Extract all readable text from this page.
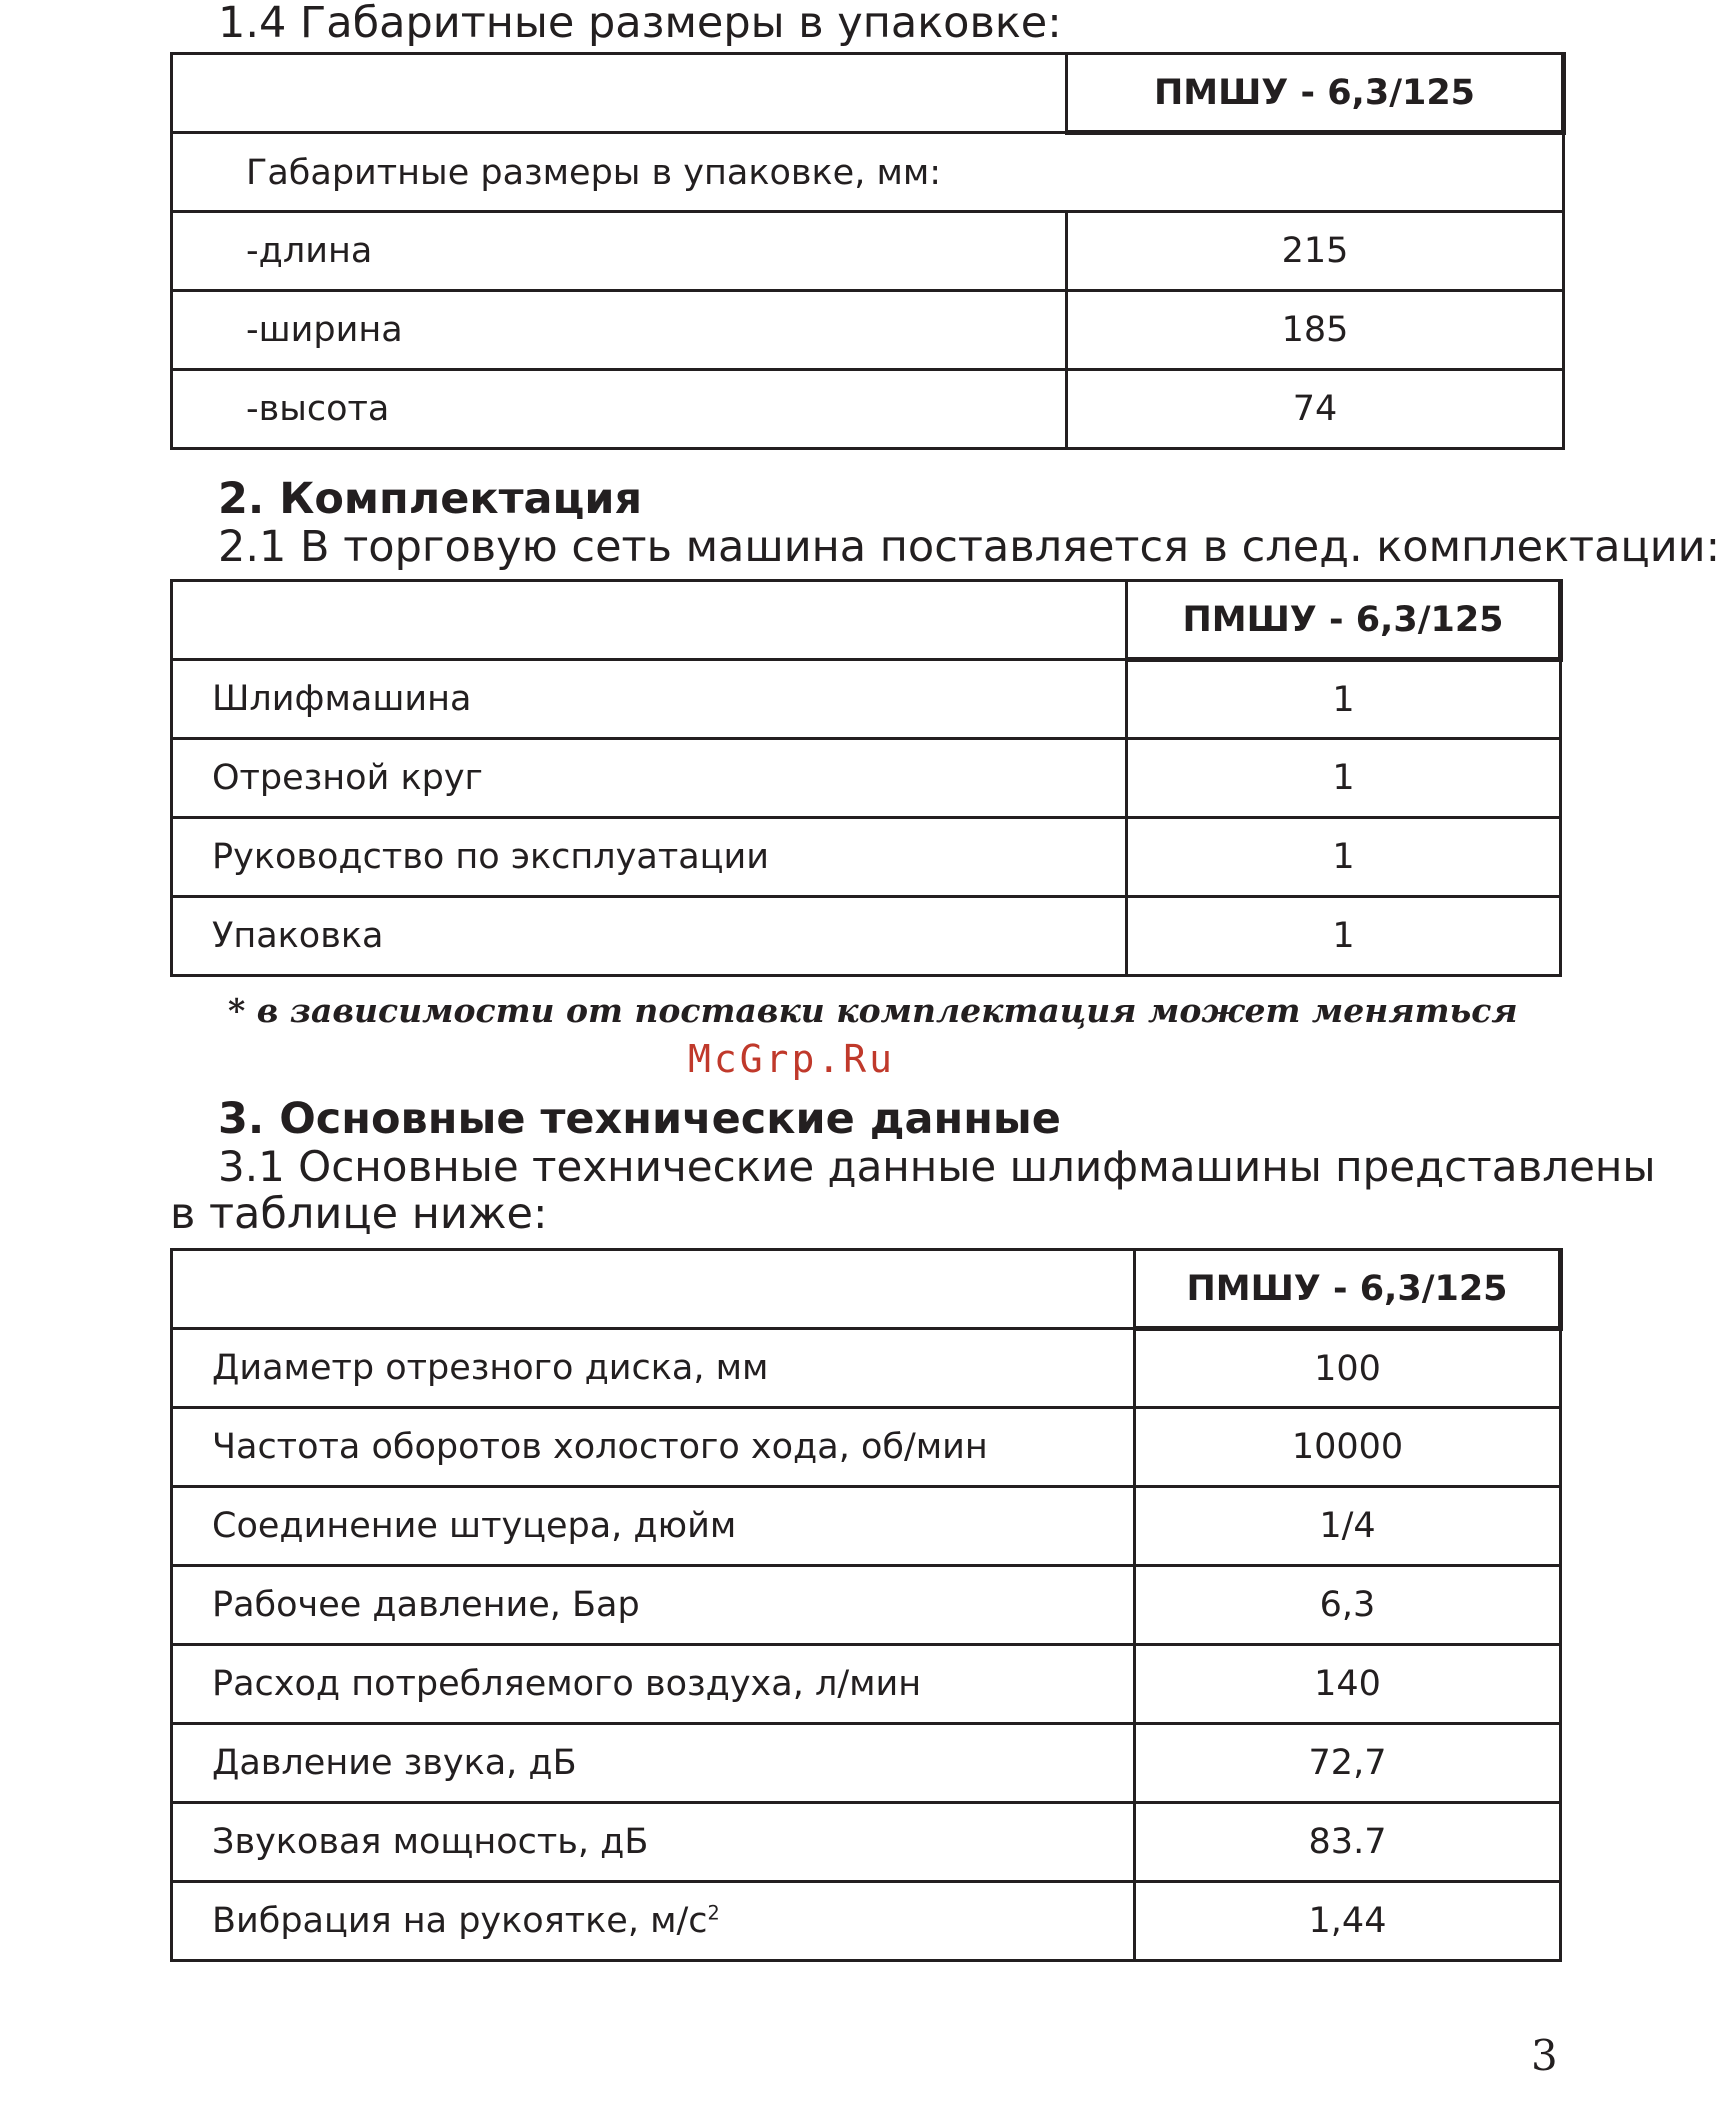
1.4 Габаритные размеры в упаковке:
	ПМШУ - 6,3/125
Габаритные размеры в упаковке, мм:	
-длина	215
-ширина	185
-высота	74
2. Комплектация
2.1 В торговую сеть машина поставляется в след. комплектации:
	ПМШУ - 6,3/125
Шлифмашина	1
Отрезной круг	1
Руководство по эксплуатации	1
Упаковка	1
* в зависимости от поставки комплектация может меняться
McGrp.Ru
3. Основные технические данные
3.1 Основные технические данные шлифмашины представлены
в таблице ниже:
	ПМШУ - 6,3/125
Диаметр отрезного диска, мм	100
Частота оборотов холостого хода, об/мин	10000
Соединение штуцера, дюйм	1/4
Рабочее давление, Бар	6,3
Расход потребляемого воздуха, л/мин	140
Давление звука, дБ	72,7
Звуковая мощность, дБ	83.7
Вибрация на рукоятке, $м/с^2$	1,44
3
